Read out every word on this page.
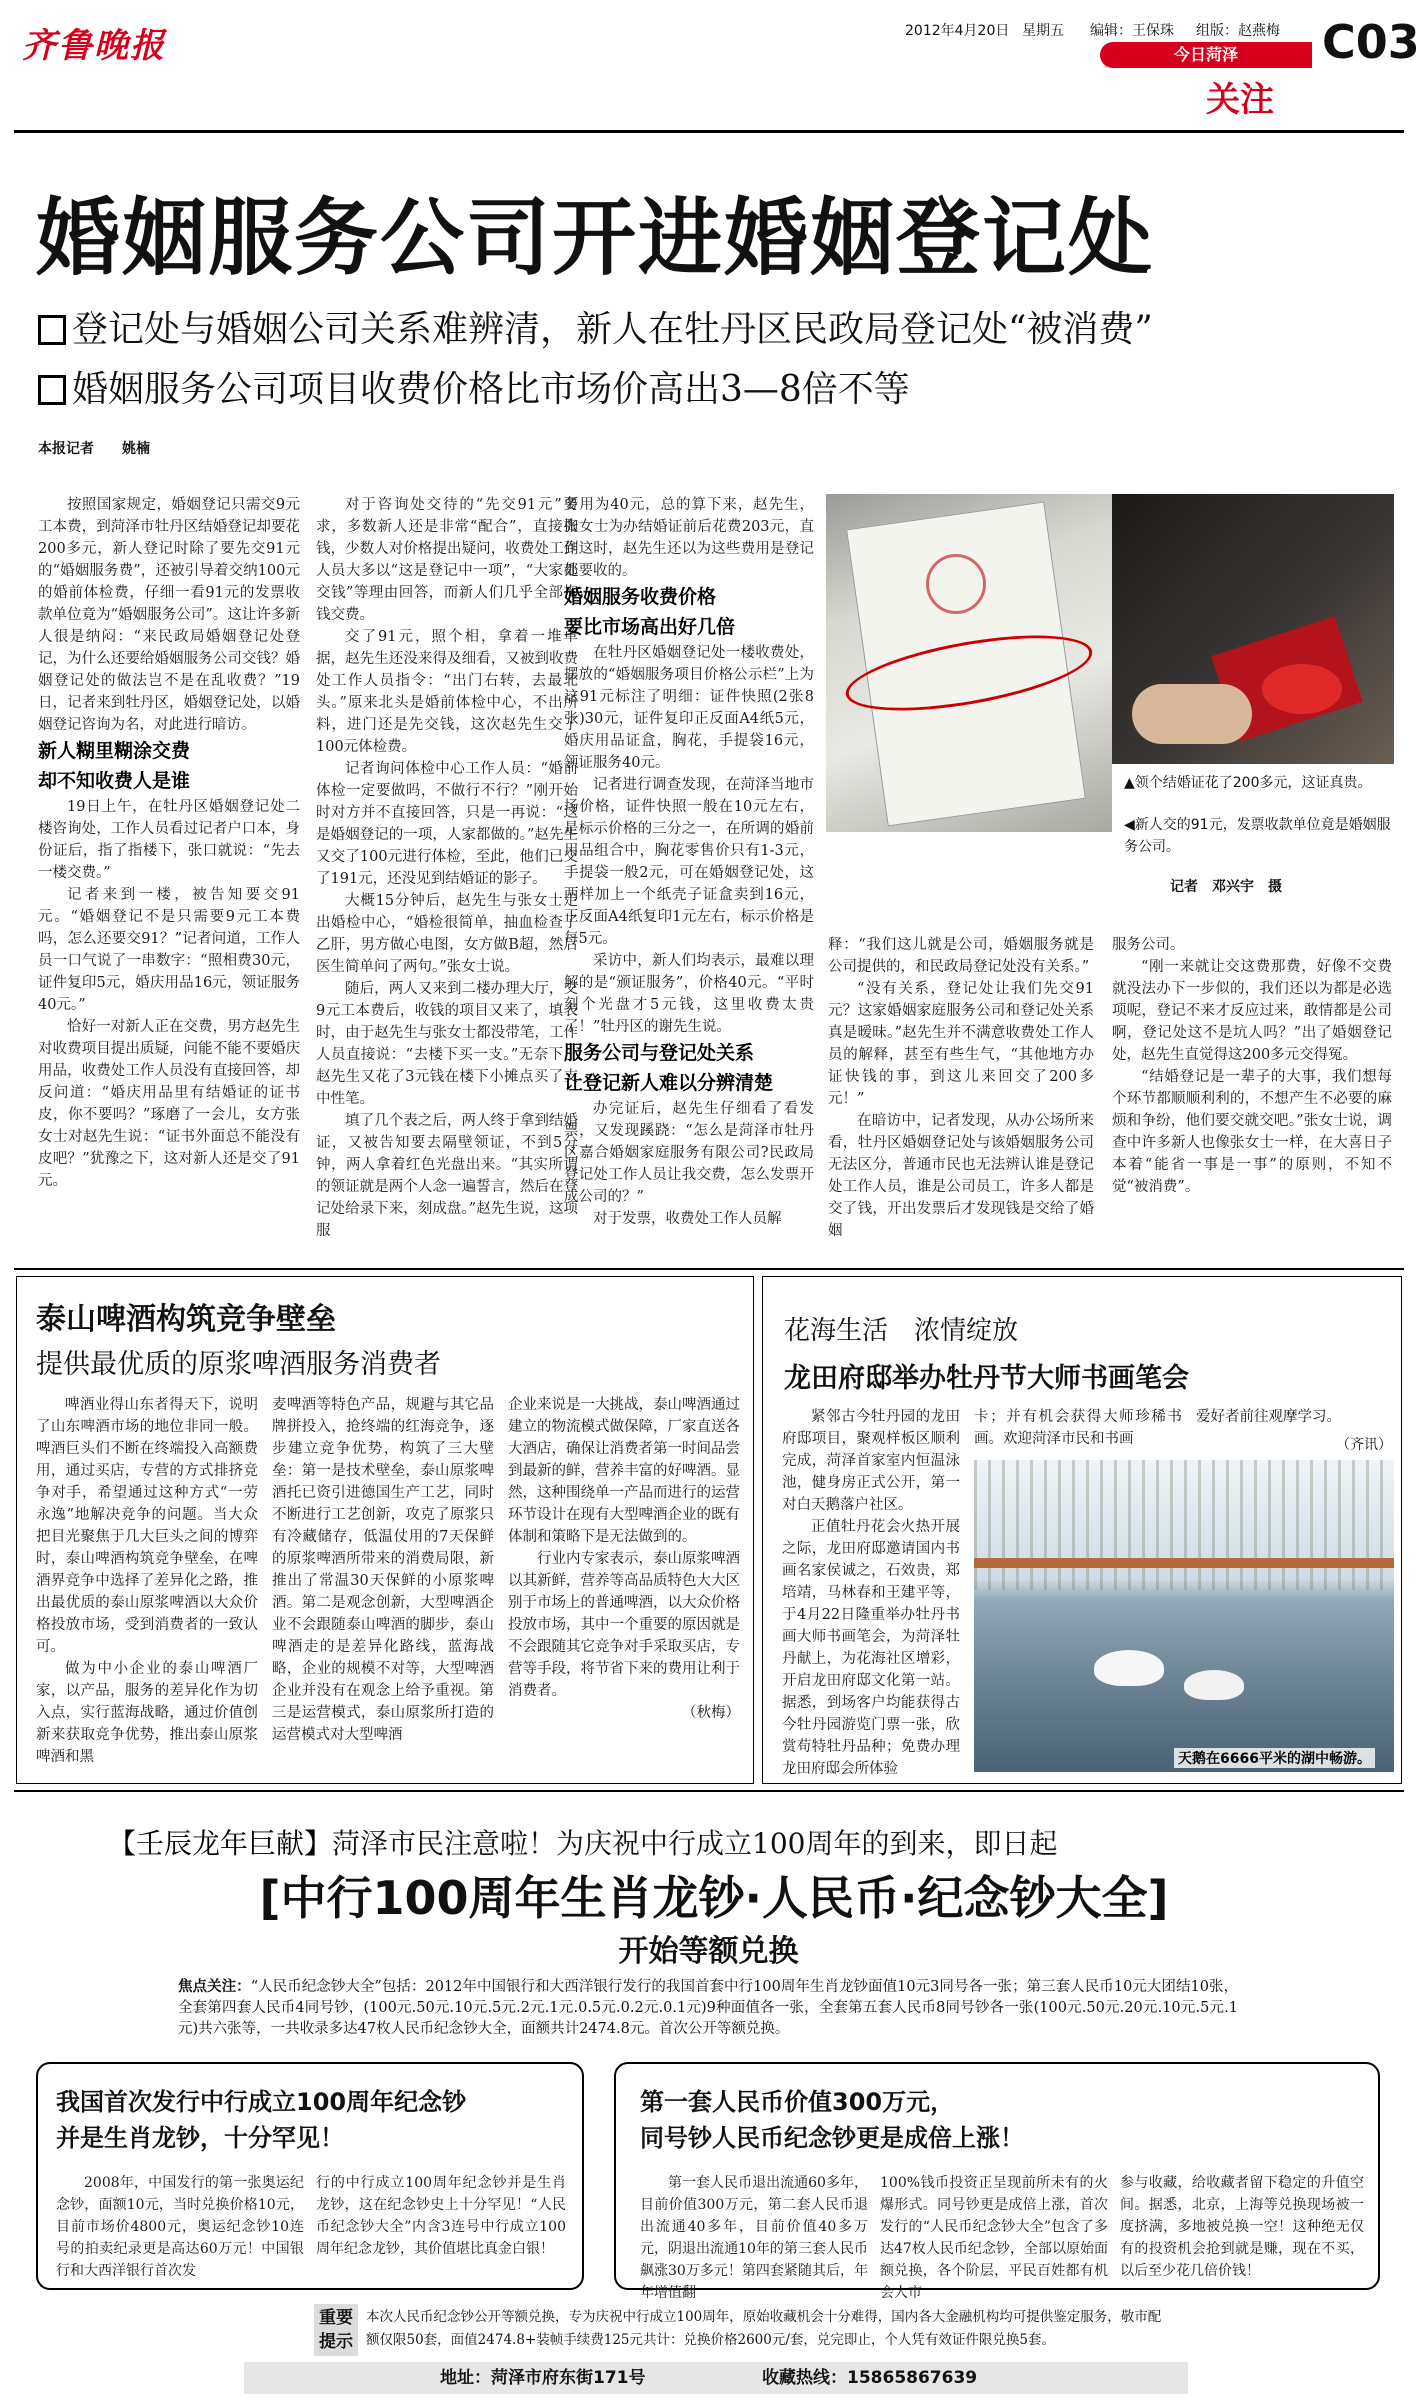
齐鲁晚报	2012年4月20日 星期五 编辑：王保珠 组版：赵燕梅
今日菏泽
关注
C03
婚姻服务公司开进婚姻登记处
登记处与婚姻公司关系难辨清，新人在牡丹区民政局登记处“被消费”
婚姻服务公司项目收费价格比市场价高出3—8倍不等
本报记者　　姚楠

按照国家规定，婚姻登记只需交9元工本费，到菏泽市牡丹区结婚登记却要花200多元，新人登记时除了要先交91元的“婚姻服务费”，还被引导着交纳100元的婚前体检费，仔细一看91元的发票收款单位竟为“婚姻服务公司”。这让许多新人很是纳闷：“来民政局婚姻登记处登记，为什么还要给婚姻服务公司交钱？婚姻登记处的做法岂不是在乱收费？”19日，记者来到牡丹区，婚姻登记处，以婚姻登记咨询为名，对此进行暗访。

新人糊里糊涂交费

却不知收费人是谁

19日上午，在牡丹区婚姻登记处二楼咨询处，工作人员看过记者户口本，身份证后，指了指楼下，张口就说：“先去一楼交费。”

记者来到一楼，被告知要交91元。“婚姻登记不是只需要9元工本费吗，怎么还要交91？”记者问道，工作人员一口气说了一串数字：“照相费30元，证件复印5元，婚庆用品16元，领证服务40元。”

恰好一对新人正在交费，男方赵先生对收费项目提出质疑，问能不能不要婚庆用品，收费处工作人员没有直接回答，却反问道：“婚庆用品里有结婚证的证书皮，你不要吗？”琢磨了一会儿，女方张女士对赵先生说：“证书外面总不能没有皮吧？”犹豫之下，这对新人还是交了91元。

对于咨询处交待的“先交91元”要求，多数新人还是非常“配合”，直接掏钱，少数人对价格提出疑问，收费处工作人员大多以“这是登记中一项”，“大家都交钱”等理由回答，而新人们几乎全部掏钱交费。

交了91元，照个相，拿着一堆单据，赵先生还没来得及细看，又被到收费处工作人员指令：“出门右转，去最北头。”原来北头是婚前体检中心，不出所料，进门还是先交钱，这次赵先生交了100元体检费。

记者询问体检中心工作人员：“婚前体检一定要做吗，不做行不行？”刚开始时对方并不直接回答，只是一再说：“这是婚姻登记的一项，人家都做的。”赵先生又交了100元进行体检，至此，他们已交了191元，还没见到结婚证的影子。

大概15分钟后，赵先生与张女士走出婚检中心，“婚检很简单，抽血检查了乙肝，男方做心电图，女方做B超，然后医生简单问了两句。”张女士说。

随后，两人又来到二楼办理大厅，交9元工本费后，收钱的项目又来了，填表时，由于赵先生与张女士都没带笔，工作人员直接说：“去楼下买一支。”无奈下，赵先生又花了3元钱在楼下小摊点买了支中性笔。

填了几个表之后，两人终于拿到结婚证，又被告知要去隔壁领证，不到5分钟，两人拿着红色光盘出来。“其实所谓的领证就是两个人念一遍誓言，然后在登记处给录下来，刻成盘。”赵先生说，这项服

务用为40元，总的算下来，赵先生，张女士为办结婚证前后花费203元，直到这时，赵先生还以为这些费用是登记处要收的。

婚姻服务收费价格

要比市场高出好几倍

在牡丹区婚姻登记处一楼收费处，摆放的“婚姻服务项目价格公示栏”上为这91元标注了明细：证件快照(2张8张)30元，证件复印正反面A4纸5元，婚庆用品证盒，胸花，手提袋16元，领证服务40元。

记者进行调查发现，在菏泽当地市场价格，证件快照一般在10元左右，是标示价格的三分之一，在所调的婚前用品组合中，胸花零售价只有1-3元，手提袋一般2元，可在婚姻登记处，这两样加上一个纸壳子证盒卖到16元，正反面A4纸复印1元左右，标示价格是每5元。

采访中，新人们均表示，最难以理解的是“颁证服务”，价格40元。“平时刻个光盘才5元钱，这里收费太贵了！”牡丹区的谢先生说。

服务公司与登记处关系

让登记新人难以分辨清楚

办完证后，赵先生仔细看了看发票，又发现蹊跷：“怎么是菏泽市牡丹区嘉合婚姻家庭服务有限公司?民政局登记处工作人员让我交费，怎么发票开成公司的？”

对于发票，收费处工作人员解

▲领个结婚证花了200多元，这证真贵。
◀新人交的91元，发票收款单位竟是婚姻服务公司。
记者　邓兴宇　摄

释：“我们这儿就是公司，婚姻服务就是公司提供的，和民政局登记处没有关系。”

“没有关系，登记处让我们先交91元？这家婚姻家庭服务公司和登记处关系真是暧昧。”赵先生并不满意收费处工作人员的解释，甚至有些生气，“其他地方办证快钱的事，到这儿来回交了200多元！”

在暗访中，记者发现，从办公场所来看，牡丹区婚姻登记处与该婚姻服务公司无法区分，普通市民也无法辨认谁是登记处工作人员，谁是公司员工，许多人都是交了钱，开出发票后才发现钱是交给了婚姻

服务公司。

“刚一来就让交这费那费，好像不交费就没法办下一步似的，我们还以为都是必选项呢，登记不来才反应过来，敢情都是公司啊，登记处这不是坑人吗？”出了婚姻登记处，赵先生直觉得这200多元交得冤。

“结婚登记是一辈子的大事，我们想每个环节都顺顺利利的，不想产生不必要的麻烦和争纷，他们要交就交吧。”张女士说，调查中许多新人也像张女士一样，在大喜日子本着“能省一事是一事”的原则，不知不觉“被消费”。

泰山啤酒构筑竞争壁垒
提供最优质的原浆啤酒服务消费者

啤酒业得山东者得天下，说明了山东啤酒市场的地位非同一般。啤酒巨头们不断在终端投入高额费用，通过买店，专营的方式排挤竞争对手，希望通过这种方式“一劳永逸”地解决竞争的问题。当大众把目光聚焦于几大巨头之间的博弈时，泰山啤酒构筑竞争壁垒，在啤酒界竞争中选择了差异化之路，推出最优质的泰山原浆啤酒以大众价格投放市场，受到消费者的一致认可。

做为中小企业的泰山啤酒厂家，以产品，服务的差异化作为切入点，实行蓝海战略，通过价值创新来获取竞争优势，推出泰山原浆啤酒和黑

麦啤酒等特色产品，规避与其它品牌拼投入，抢终端的红海竞争，逐步建立竞争优势，构筑了三大壁垒：第一是技术壁垒，泰山原浆啤酒托已资引进德国生产工艺，同时不断进行工艺创新，攻克了原浆只有冷藏储存，低温仗用的7天保鲜的原浆啤酒所带来的消费局限，新推出了常温30天保鲜的小原浆啤酒。第二是观念创新，大型啤酒企业不会跟随泰山啤酒的脚步，泰山啤酒走的是差异化路线，蓝海战略，企业的规模不对等，大型啤酒企业并没有在观念上给予重视。第三是运营模式，泰山原浆所打造的运营模式对大型啤酒

企业来说是一大挑战，泰山啤酒通过建立的物流模式做保障，厂家直送各大酒店，确保让消费者第一时间品尝到最新的鲜，营养丰富的好啤酒。显然，这种围绕单一产品而进行的运营环节设计在现有大型啤酒企业的既有体制和策略下是无法做到的。

行业内专家表示，泰山原浆啤酒以其新鲜，营养等高品质特色大大区别于市场上的普通啤酒，以大众价格投放市场，其中一个重要的原因就是不会跟随其它竞争对手采取买店，专营等手段，将节省下来的费用让利于消费者。

（秋梅）
花海生活　浓情绽放
龙田府邸举办牡丹节大师书画笔会

紧邻古今牡丹园的龙田府邸项目，聚观样板区顺利完成，菏泽首家室内恒温泳池，健身房正式公开，第一对白天鹅落户社区。

正值牡丹花会火热开展之际，龙田府邸邀请国内书画名家侯诚之，石效贵，郑培靖，马林春和王建平等，于4月22日隆重举办牡丹书画大师书画笔会，为菏泽牡丹献上，为花海社区增彩，开启龙田府邸文化第一站。据悉，到场客户均能获得古今牡丹园游览门票一张，欣赏苟特牡丹品种；免费办理龙田府邸会所体验

卡；并有机会获得大师珍稀书画。欢迎菏泽市民和书画

爱好者前往观摩学习。

（齐讯）
天鹅在6666平米的湖中畅游。
【壬辰龙年巨献】菏泽市民注意啦！为庆祝中行成立100周年的到来，即日起
[中行100周年生肖龙钞·人民币·纪念钞大全]
开始等额兑换
焦点关注：“人民币纪念钞大全”包括：2012年中国银行和大西洋银行发行的我国首套中行100周年生肖龙钞面值10元3同号各一张；第三套人民币10元大团结10张，全套第四套人民币4同号钞，(100元.50元.10元.5元.2元.1元.0.5元.0.2元.0.1元)9种面值各一张，全套第五套人民币8同号钞各一张(100元.50元.20元.10元.5元.1元)共六张等，一共收录多达47枚人民币纪念钞大全，面额共计2474.8元。首次公开等额兑换。
我国首次发行中行成立100周年纪念钞
并是生肖龙钞，十分罕见！

2008年，中国发行的第一张奥运纪念钞，面额10元，当时兑换价格10元，目前市场价4800元，奥运纪念钞10连号的拍卖纪录更是高达60万元！中国银行和大西洋银行首次发

行的中行成立100周年纪念钞并是生肖龙钞，这在纪念钞史上十分罕见！“人民币纪念钞大全”内含3连号中行成立100周年纪念龙钞，其价值堪比真金白银！

第一套人民币价值300万元，
同号钞人民币纪念钞更是成倍上涨！

第一套人民币退出流通60多年，目前价值300万元，第二套人民币退出流通40多年，目前价值40多万元，阴退出流通10年的第三套人民币飙涨30万多元！第四套紧随其后，年年增值翻

100%钱币投资正呈现前所未有的火爆形式。同号钞更是成倍上涨，首次发行的“人民币纪念钞大全”包含了多达47枚人民币纪念钞，全部以原始面额兑换，各个阶层，平民百姓都有机会人市

参与收藏，给收藏者留下稳定的升值空间。据悉，北京，上海等兑换现场被一度挤满，多地被兑换一空！这种绝无仅有的投资机会抢到就是赚，现在不买，以后至少花几倍价钱！

重要提示
本次人民币纪念钞公开等额兑换，专为庆祝中行成立100周年，原始收藏机会十分难得，国内各大金融机构均可提供鉴定服务，敬市配额仅限50套，面值2474.8+装帧手续费125元共计：兑换价格2600元/套，兑完即止，个人凭有效证件限兑换5套。
地址：菏泽市府东街171号	收藏热线：15865867639
